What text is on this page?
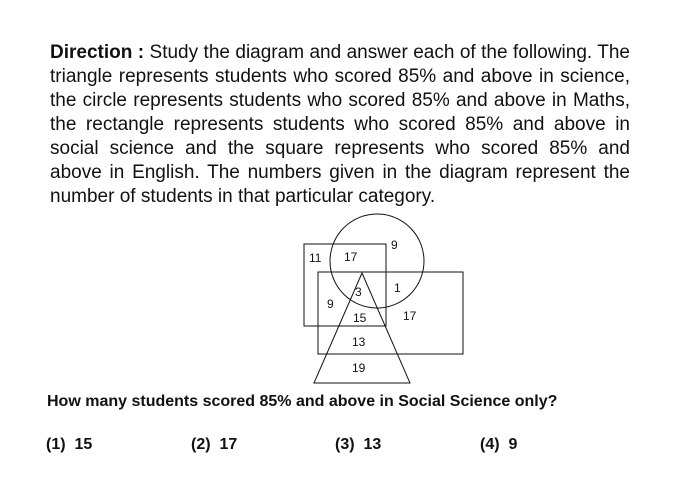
Direction : Study the diagram and answer each of the following. The triangle represents students who scored 85% and above in science, the circle represents students who scored 85% and above in Maths, the rectangle represents students who scored 85% and above in social science and the square represents who scored 85% and above in English. The numbers given in the diagram represent the number of students in that particular category.

11 17
9
3	1
9
15	17
13
19

How many students scored 85% and above in Social Science only?

(1) 15	(2) 17	(3) 13	(4) 9
